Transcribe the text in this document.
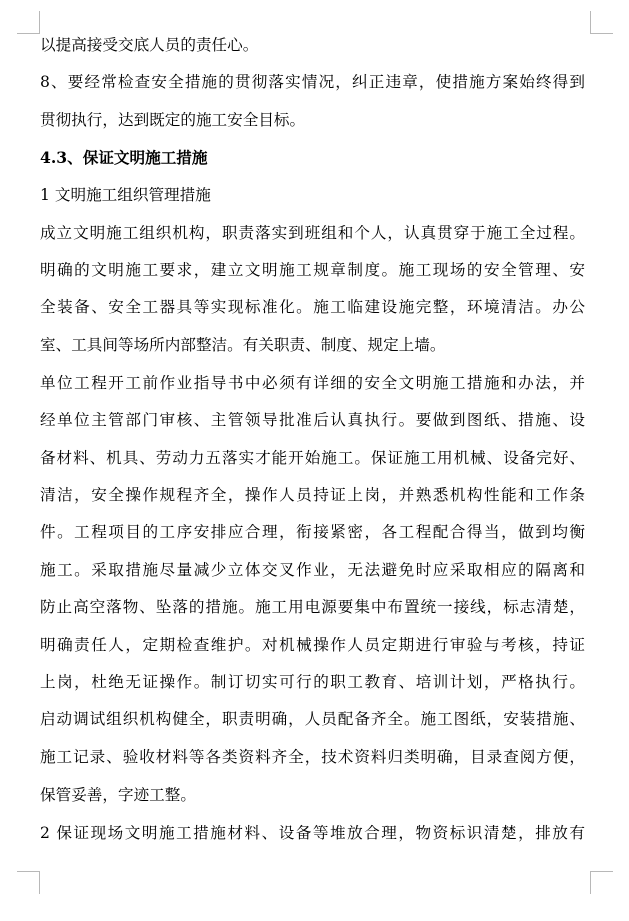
以提高接受交底人员的责任心。
8、要经常检查安全措施的贯彻落实情况，纠正违章，使措施方案始终得到
贯彻执行，达到既定的施工安全目标。
4.3、保证文明施工措施
1 文明施工组织管理措施
成立文明施工组织机构，职责落实到班组和个人，认真贯穿于施工全过程。
明确的文明施工要求，建立文明施工规章制度。施工现场的安全管理、安
全装备、安全工器具等实现标准化。施工临建设施完整，环境清洁。办公
室、工具间等场所内部整洁。有关职责、制度、规定上墙。
单位工程开工前作业指导书中必须有详细的安全文明施工措施和办法，并
经单位主管部门审核、主管领导批准后认真执行。要做到图纸、措施、设
备材料、机具、劳动力五落实才能开始施工。保证施工用机械、设备完好、
清洁，安全操作规程齐全，操作人员持证上岗，并熟悉机构性能和工作条
件。工程项目的工序安排应合理，衔接紧密，各工程配合得当，做到均衡
施工。采取措施尽量减少立体交叉作业，无法避免时应采取相应的隔离和
防止高空落物、坠落的措施。施工用电源要集中布置统一接线，标志清楚，
明确责任人，定期检查维护。对机械操作人员定期进行审验与考核，持证
上岗，杜绝无证操作。制订切实可行的职工教育、培训计划，严格执行。
启动调试组织机构健全，职责明确，人员配备齐全。施工图纸，安装措施、
施工记录、验收材料等各类资料齐全，技术资料归类明确，目录查阅方便，
保管妥善，字迹工整。
2 保证现场文明施工措施材料、设备等堆放合理，物资标识清楚，排放有
